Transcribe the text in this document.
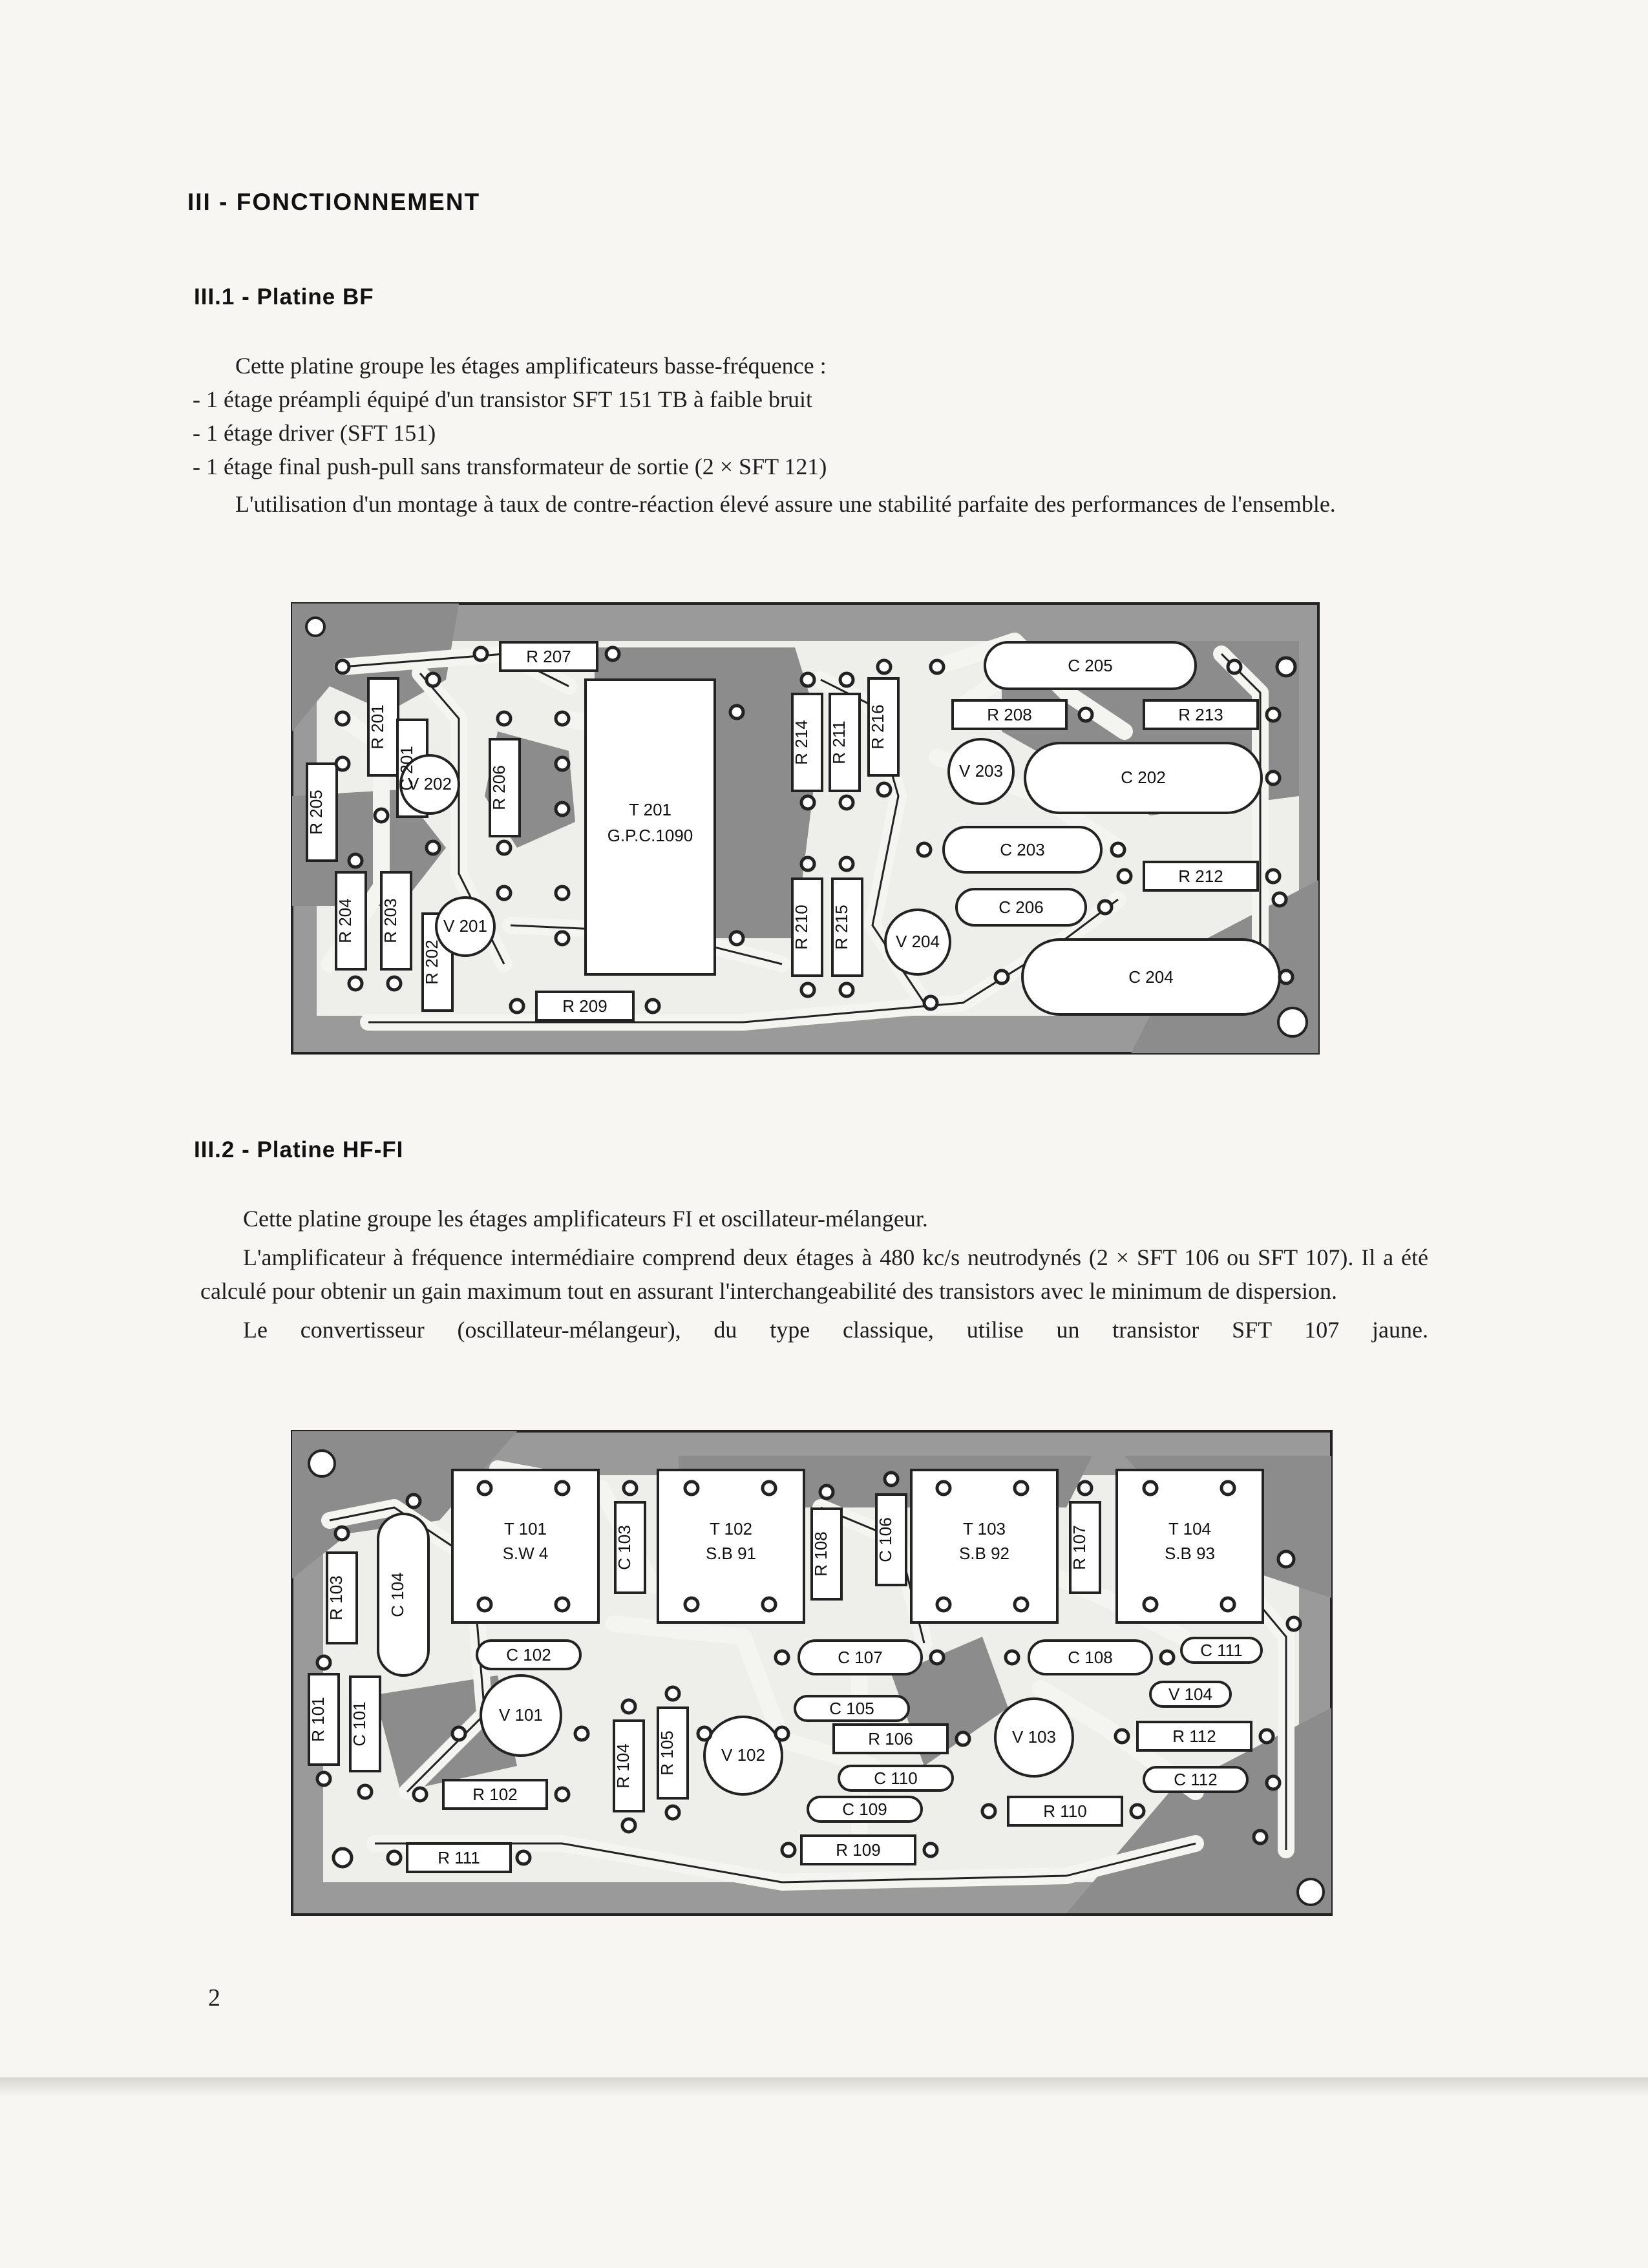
III - FONCTIONNEMENT
III.1 - Platine BF

Cette platine groupe les étages amplificateurs basse-fréquence :

- 1 étage préampli équipé d'un transistor SFT 151 TB à faible bruit

- 1 étage driver (SFT 151)

- 1 étage final push-pull sans transformateur de sortie (2 × SFT 121)

L'utilisation d'un montage à taux de contre-réaction élevé assure une stabilité parfaite des performances de l'ensemble.

R 207
R 201
C 201
R 205
V 202 R 206	T 201
G.P.C.1090
R 204 R 203
R 202
V 201
R 209
R 214 R 211 R 216
C 205
R 208	R 213
V 203	C 202
C 203
R 212
R 210 R 215	C 206
V 204
C 204
III.2 - Platine HF-FI

Cette platine groupe les étages amplificateurs FI et oscillateur-mélangeur.

L'amplificateur à fréquence intermédiaire comprend deux étages à 480 kc/s neutrodynés (2 × SFT 106 ou SFT 107). Il a été calculé pour obtenir un gain maximum tout en assurant l'interchangeabilité des transistors avec le minimum de dispersion.

Le convertisseur (oscillateur-mélangeur), du type classique, utilise un transistor SFT 107 jaune.

R 103	C 104
T 101
S.W 4	C 103	T 102
S.B 91	R 108	C 106	T 103
S.B 92	R 107	T 104
S.B 93
C 102	C 107	C 108	C 111
R 101 C 101	V 101	C 105
V 104
R 104 R 105	V 102
R 106	V 103	R 112
C 110	C 112
R 102
C 109	R 110
R 111	R 109

2
